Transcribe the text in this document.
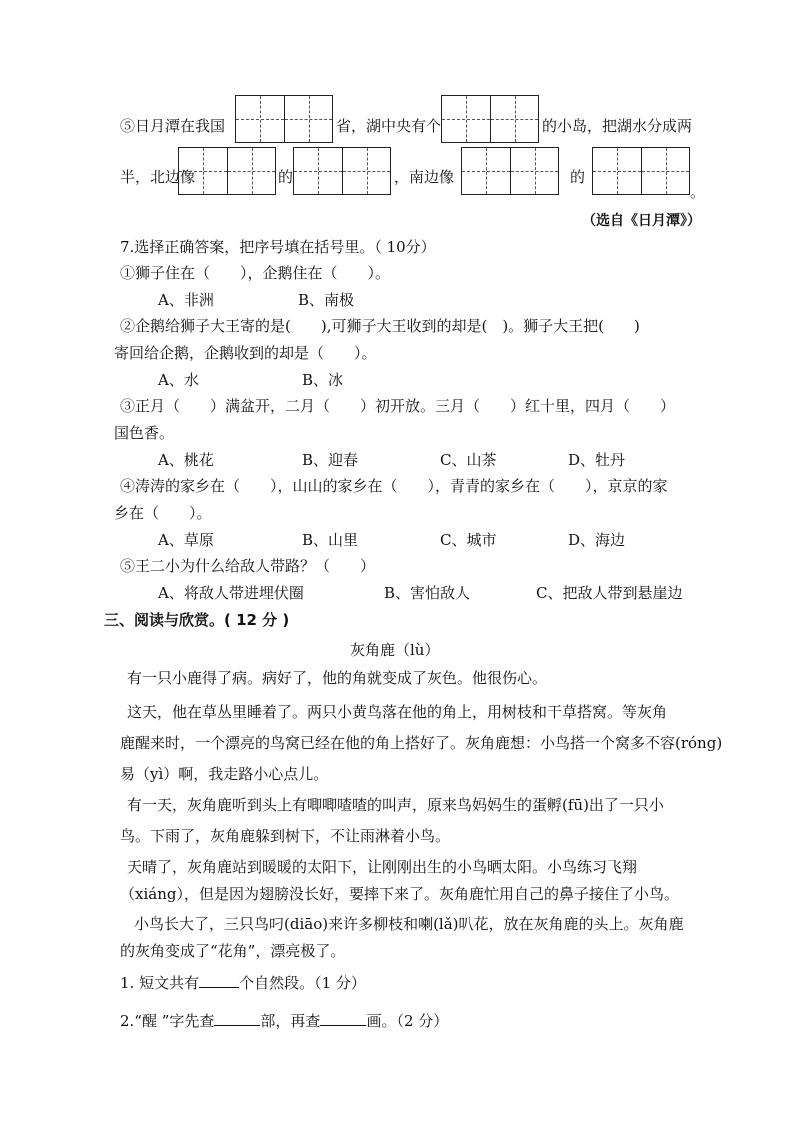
⑤日月潭在我国	省，湖中央有个	的小岛，把湖水分成两
半，北边像	的	，南边像	的
。
（选自《日月潭》）
7.选择正确答案，把序号填在括号里。（ 10分）
①狮子住在（　　），企鹅住在（　　）。
A、非洲	B、南极
②企鹅给狮子大王寄的是(　　),可狮子大王收到的却是(　)。狮子大王把(　　)
寄回给企鹅，企鹅收到的却是（　　）。
A、水	B、冰
③正月（　　）满盆开，二月（　　）初开放。三月（　　）红十里，四月（　　）
国色香。
A、桃花	B、迎春	C、山茶	D、牡丹
④涛涛的家乡在（　　），山山的家乡在（　　），青青的家乡在（　　），京京的家
乡在（　　）。
A、草原	B、山里	C、城市	D、海边
⑤王二小为什么给敌人带路？（　　）
A、将敌人带进埋伏圈	B、害怕敌人	C、把敌人带到悬崖边
三、阅读与欣赏。( 12 分 )
灰角鹿（lù）
有一只小鹿得了病。病好了，他的角就变成了灰色。他很伤心。
这天，他在草丛里睡着了。两只小黄鸟落在他的角上，用树枝和干草搭窝。等灰角
鹿醒来时，一个漂亮的鸟窝已经在他的角上搭好了。灰角鹿想：小鸟搭一个窝多不容(róng)
易（yì）啊，我走路小心点儿。
有一天，灰角鹿听到头上有唧唧喳喳的叫声，原来鸟妈妈生的蛋孵(fū)出了一只小
鸟。下雨了，灰角鹿躲到树下，不让雨淋着小鸟。
天晴了，灰角鹿站到暖暖的太阳下，让刚刚出生的小鸟晒太阳。小鸟练习飞翔
（xiáng），但是因为翅膀没长好，要摔下来了。灰角鹿忙用自己的鼻子接住了小鸟。
小鸟长大了，三只鸟叼(diāo)来许多柳枝和喇(lǎ)叭花，放在灰角鹿的头上。灰角鹿
的灰角变成了“花角”，漂亮极了。
1. 短文共有	个自然段。（1 分）
2.“醒 ”字先查	部，再查	画。（2 分）
